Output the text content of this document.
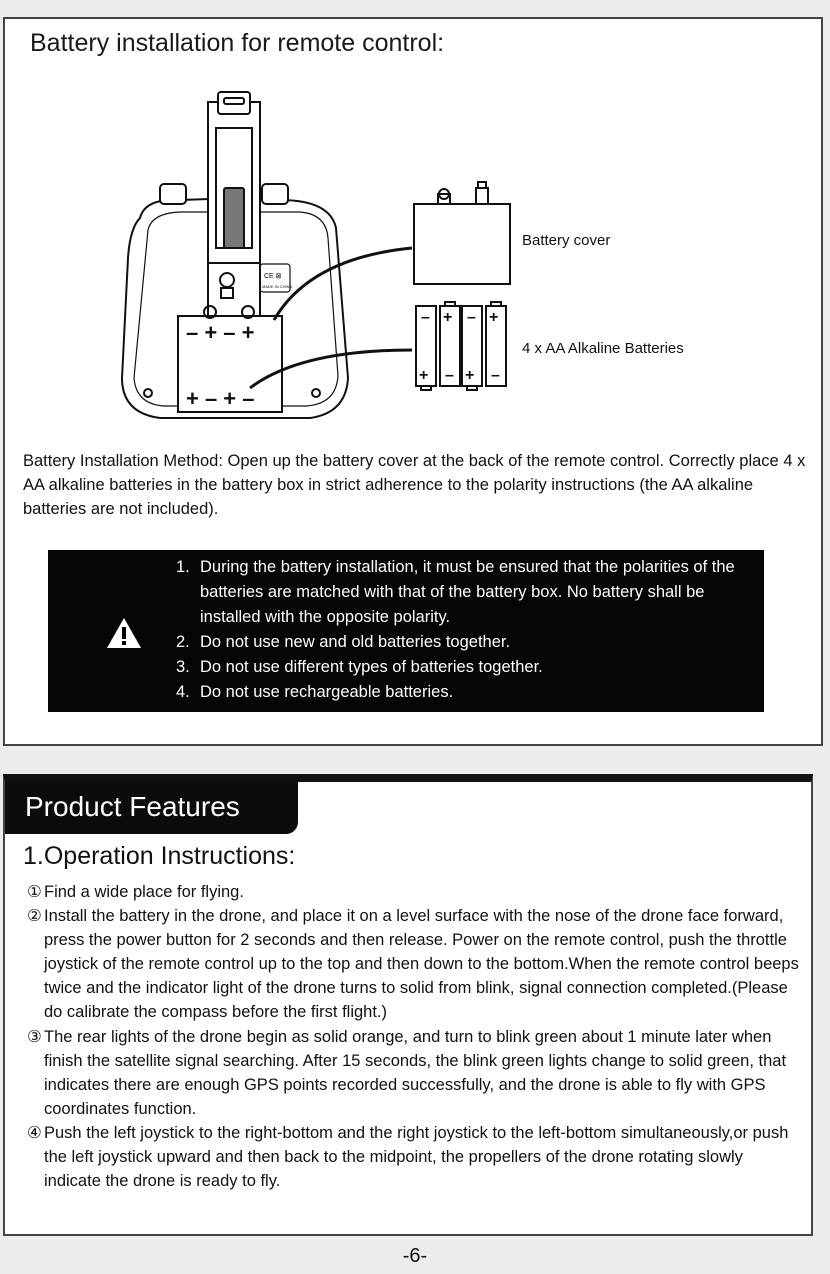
Battery installation for remote control:
CE ⊠
MADE IN CHINA
– + – +
+ – + –
–
+
+
–
–
+
+
–
Battery cover
4 x AA Alkaline Batteries
Battery Installation Method: Open up the battery cover at the back of the remote control. Correctly place 4 x AA alkaline batteries in the battery box in strict adherence to the polarity instructions (the AA alkaline batteries are not included).
1. During the battery installation, it must be ensured that the polarities of the batteries are matched with that of the battery box. No battery shall be installed with the opposite polarity.
2. Do not use new and old batteries together.
3. Do not use different types of batteries together.
4. Do not use rechargeable batteries.
Product Features
1.Operation Instructions:
① Find a wide place for flying.
② Install the battery in the drone, and place it on a level surface with the nose of the drone face forward, press the power button for 2 seconds and then release. Power on the remote control, push the throttle joystick of the remote control up to the top and then down to the bottom.When the remote control beeps twice and the indicator light of the drone turns to solid from blink, signal connection completed.(Please do calibrate the compass before the first flight.)
③ The rear lights of the drone begin as solid orange, and turn to blink green about 1 minute later when finish the satellite signal searching. After 15 seconds, the blink green lights change to solid green, that indicates there are enough GPS points recorded successfully, and the drone is able to fly with GPS coordinates function.
④ Push the left joystick to the right-bottom and the right joystick to the left-bottom simultaneously,or push the left joystick upward and then back to the midpoint, the propellers of the drone rotating slowly indicate the drone is ready to fly.
-6-
